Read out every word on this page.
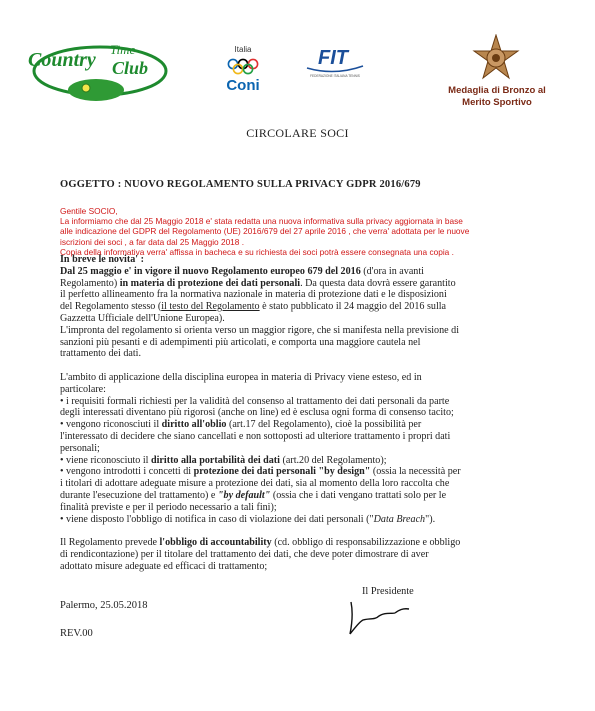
Country Time
Club
Italia
Coni
FIT
FEDERAZIONE ITALIANA TENNIS
Medaglia di Bronzo al
Merito Sportivo
CIRCOLARE SOCI
OGGETTO : NUOVO REGOLAMENTO SULLA PRIVACY GDPR 2016/679

Gentile SOCIO,

La informiamo che dal 25 Maggio 2018 e' stata redatta una nuova informativa sulla privacy aggiornata in base

alle indicazione del GDPR del Regolamento (UE) 2016/679 del 27 aprile 2016 , che verra' adottata per le nuove

iscrizioni dei soci , a far data dal 25 Maggio 2018 .

Copia della informativa verra' affissa in bacheca e su richiesta dei soci potrà essere consegnata una copia .

In breve le novita' :

Dal 25 maggio e' in vigore il nuovo Regolamento europeo 679 del 2016 (d'ora in avanti

Regolamento) in materia di protezione dei dati personali. Da questa data dovrà essere garantito

il perfetto allineamento fra la normativa nazionale in materia di protezione dati e le disposizioni

del Regolamento stesso (il testo del Regolamento è stato pubblicato il 24 maggio del 2016 sulla

Gazzetta Ufficiale dell'Unione Europea).

L'impronta del regolamento si orienta verso un maggior rigore, che si manifesta nella previsione di

sanzioni più pesanti e di adempimenti più articolati, e comporta una maggiore cautela nel

trattamento dei dati.

L'ambito di applicazione della disciplina europea in materia di Privacy viene esteso, ed in

particolare:

• i requisiti formali richiesti per la validità del consenso al trattamento dei dati personali da parte

degli interessati diventano più rigorosi (anche on line) ed è esclusa ogni forma di consenso tacito;

• vengono riconosciuti il diritto all'oblio (art.17 del Regolamento), cioè la possibilità per

l'interessato di decidere che siano cancellati e non sottoposti ad ulteriore trattamento i propri dati

personali;

• viene riconosciuto il diritto alla portabilità dei dati (art.20 del Regolamento);

• vengono introdotti i concetti di protezione dei dati personali "by design" (ossia la necessità per

i titolari di adottare adeguate misure a protezione dei dati, sia al momento della loro raccolta che

durante l'esecuzione del trattamento) e "by default" (ossia che i dati vengano trattati solo per le

finalità previste e per il periodo necessario a tali fini);

• viene disposto l'obbligo di notifica in caso di violazione dei dati personali ("Data Breach").

Il Regolamento prevede l'obbligo di accountability (cd. obbligo di responsabilizzazione e obbligo

di rendicontazione) per il titolare del trattamento dei dati, che deve poter dimostrare di aver

adottato misure adeguate ed efficaci di trattamento;

Il Presidente
Palermo, 25.05.2018
REV.00
